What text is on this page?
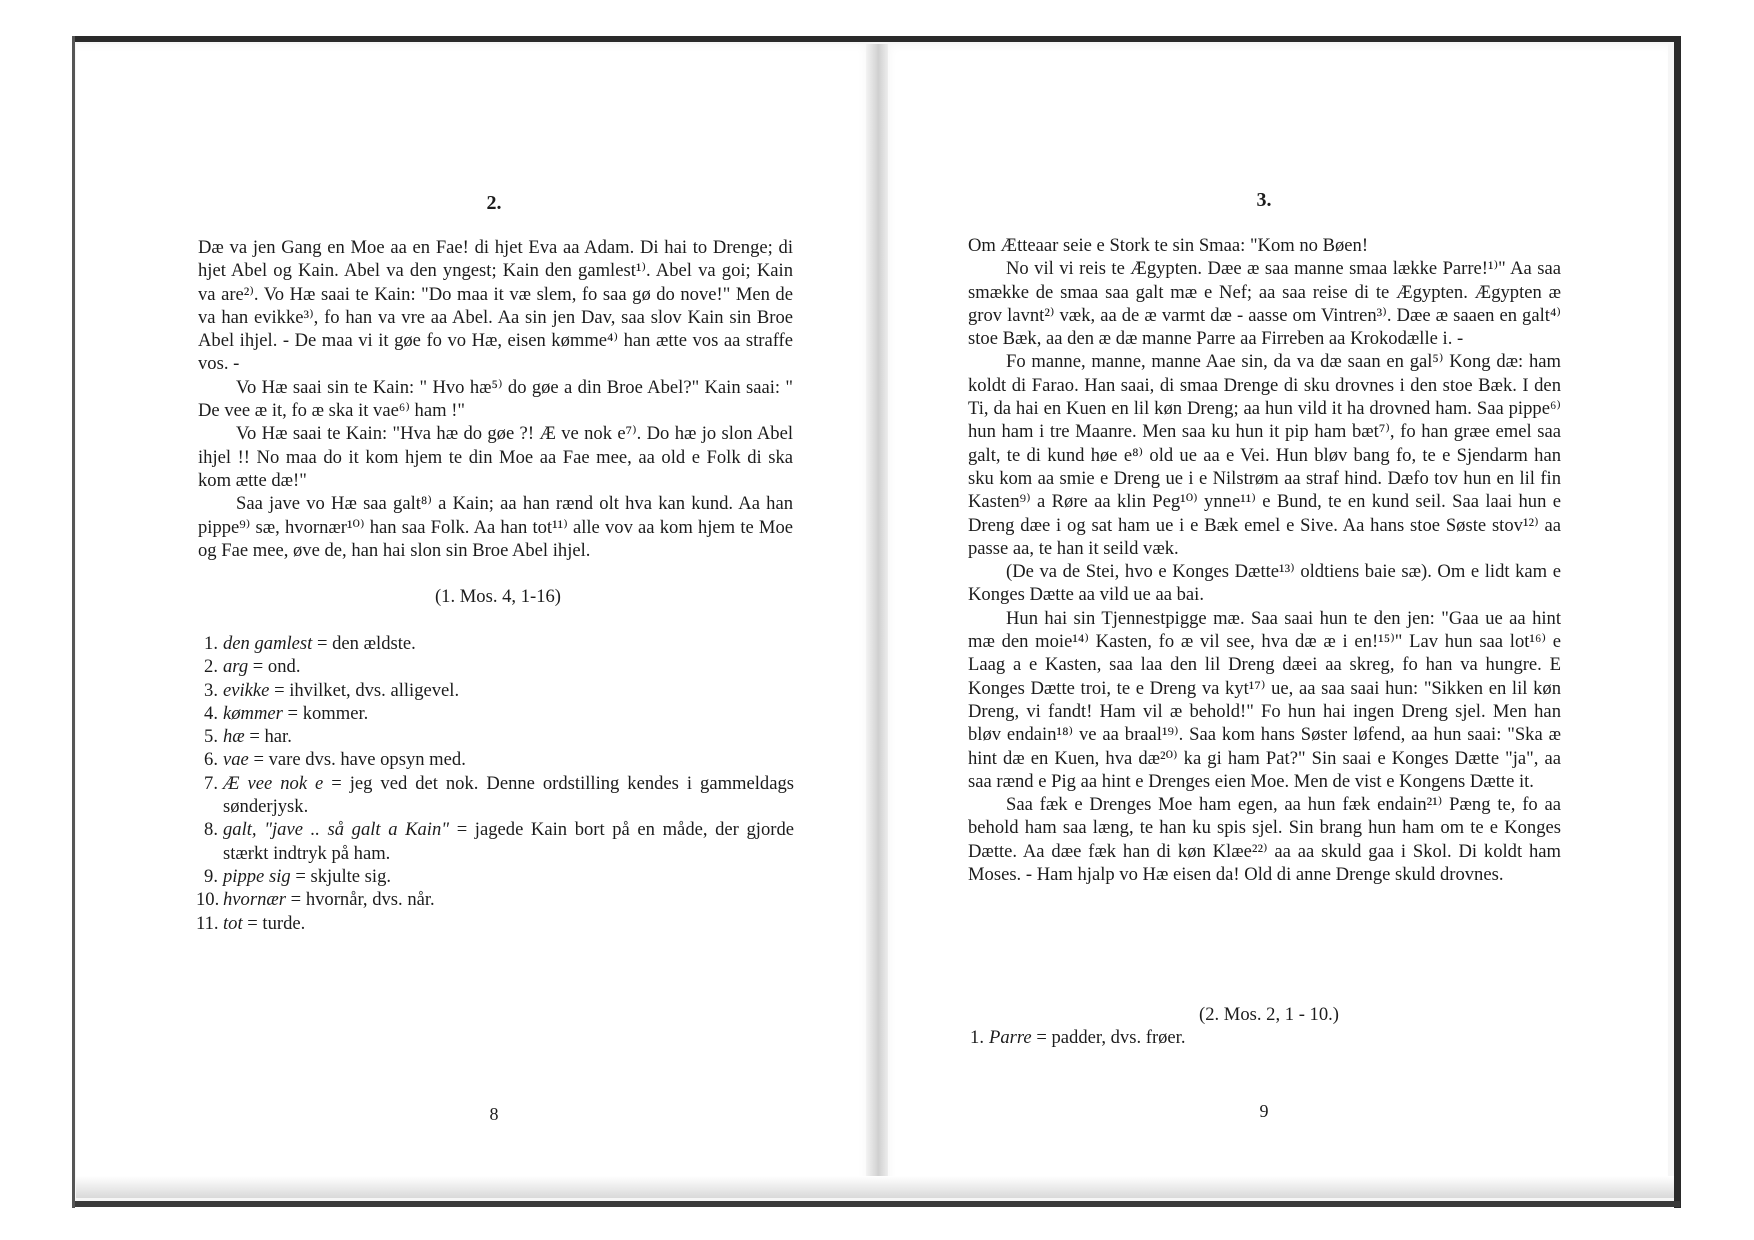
2.

Dæ va jen Gang en Moe aa en Fae! di hjet Eva aa Adam. Di hai to Drenge; di hjet Abel og Kain. Abel va den yngest; Kain den gamlest¹⁾. Abel va goi; Kain va are²⁾. Vo Hæ saai te Kain: "Do maa it væ slem, fo saa gø do nove!" Men de va han evikke³⁾, fo han va vre aa Abel. Aa sin jen Dav, saa slov Kain sin Broe Abel ihjel. - De maa vi it gøe fo vo Hæ, eisen kømme⁴⁾ han ætte vos aa straffe vos. -

Vo Hæ saai sin te Kain: " Hvo hæ⁵⁾ do gøe a din Broe Abel?" Kain saai: " De vee æ it, fo æ ska it vae⁶⁾ ham !"

Vo Hæ saai te Kain: "Hva hæ do gøe ?! Æ ve nok e⁷⁾. Do hæ jo slon Abel ihjel !! No maa do it kom hjem te din Moe aa Fae mee, aa old e Folk di ska kom ætte dæ!"

Saa jave vo Hæ saa galt⁸⁾ a Kain; aa han rænd olt hva kan kund. Aa han pippe⁹⁾ sæ, hvornær¹⁰⁾ han saa Folk. Aa han tot¹¹⁾ alle vov aa kom hjem te Moe og Fae mee, øve de, han hai slon sin Broe Abel ihjel.

(1. Mos. 4, 1-16)
1. den gamlest = den ældste.
2. arg = ond.
3. evikke = ihvilket, dvs. alligevel.
4. kømmer = kommer.
5. hæ = har.
6. vae = vare dvs. have opsyn med.
7. Æ vee nok e = jeg ved det nok. Denne ordstilling kendes i gammeldags sønderjysk.
8. galt, "jave .. så galt a Kain" = jagede Kain bort på en måde, der gjorde stærkt indtryk på ham.
9. pippe sig = skjulte sig.
10. hvornær = hvornår, dvs. når.
11. tot = turde.
8
3.

Om Ætteaar seie e Stork te sin Smaa: "Kom no Bøen!

No vil vi reis te Ægypten. Dæe æ saa manne smaa lække Parre!¹⁾" Aa saa smække de smaa saa galt mæ e Nef; aa saa reise di te Ægypten. Ægypten æ grov lavnt²⁾ væk, aa de æ varmt dæ - aasse om Vintren³⁾. Dæe æ saaen en galt⁴⁾ stoe Bæk, aa den æ dæ manne Parre aa Firreben aa Krokodælle i. -

Fo manne, manne, manne Aae sin, da va dæ saan en gal⁵⁾ Kong dæ: ham koldt di Farao. Han saai, di smaa Drenge di sku drovnes i den stoe Bæk. I den Ti, da hai en Kuen en lil køn Dreng; aa hun vild it ha drovned ham. Saa pippe⁶⁾ hun ham i tre Maanre. Men saa ku hun it pip ham bæt⁷⁾, fo han græe emel saa galt, te di kund høe e⁸⁾ old ue aa e Vei. Hun bløv bang fo, te e Sjendarm han sku kom aa smie e Dreng ue i e Nilstrøm aa straf hind. Dæfo tov hun en lil fin Kasten⁹⁾ a Røre aa klin Peg¹⁰⁾ ynne¹¹⁾ e Bund, te en kund seil. Saa laai hun e Dreng dæe i og sat ham ue i e Bæk emel e Sive. Aa hans stoe Søste stov¹²⁾ aa passe aa, te han it seild væk.

(De va de Stei, hvo e Konges Dætte¹³⁾ oldtiens baie sæ). Om e lidt kam e Konges Dætte aa vild ue aa bai.

Hun hai sin Tjennestpigge mæ. Saa saai hun te den jen: "Gaa ue aa hint mæ den moie¹⁴⁾ Kasten, fo æ vil see, hva dæ æ i en!¹⁵⁾" Lav hun saa lot¹⁶⁾ e Laag a e Kasten, saa laa den lil Dreng dæei aa skreg, fo han va hungre. E Konges Dætte troi, te e Dreng va kyt¹⁷⁾ ue, aa saa saai hun: "Sikken en lil køn Dreng, vi fandt! Ham vil æ behold!" Fo hun hai ingen Dreng sjel. Men han bløv endain¹⁸⁾ ve aa braal¹⁹⁾. Saa kom hans Søster løfend, aa hun saai: "Ska æ hint dæ en Kuen, hva dæ²⁰⁾ ka gi ham Pat?" Sin saai e Konges Dætte "ja", aa saa rænd e Pig aa hint e Drenges eien Moe. Men de vist e Kongens Dætte it.

Saa fæk e Drenges Moe ham egen, aa hun fæk endain²¹⁾ Pæng te, fo aa behold ham saa læng, te han ku spis sjel. Sin brang hun ham om te e Konges Dætte. Aa dæe fæk han di køn Klæe²²⁾ aa aa skuld gaa i Skol. Di koldt ham Moses. - Ham hjalp vo Hæ eisen da! Old di anne Drenge skuld drovnes.

(2. Mos. 2, 1 - 10.)
1. Parre = padder, dvs. frøer.
9
